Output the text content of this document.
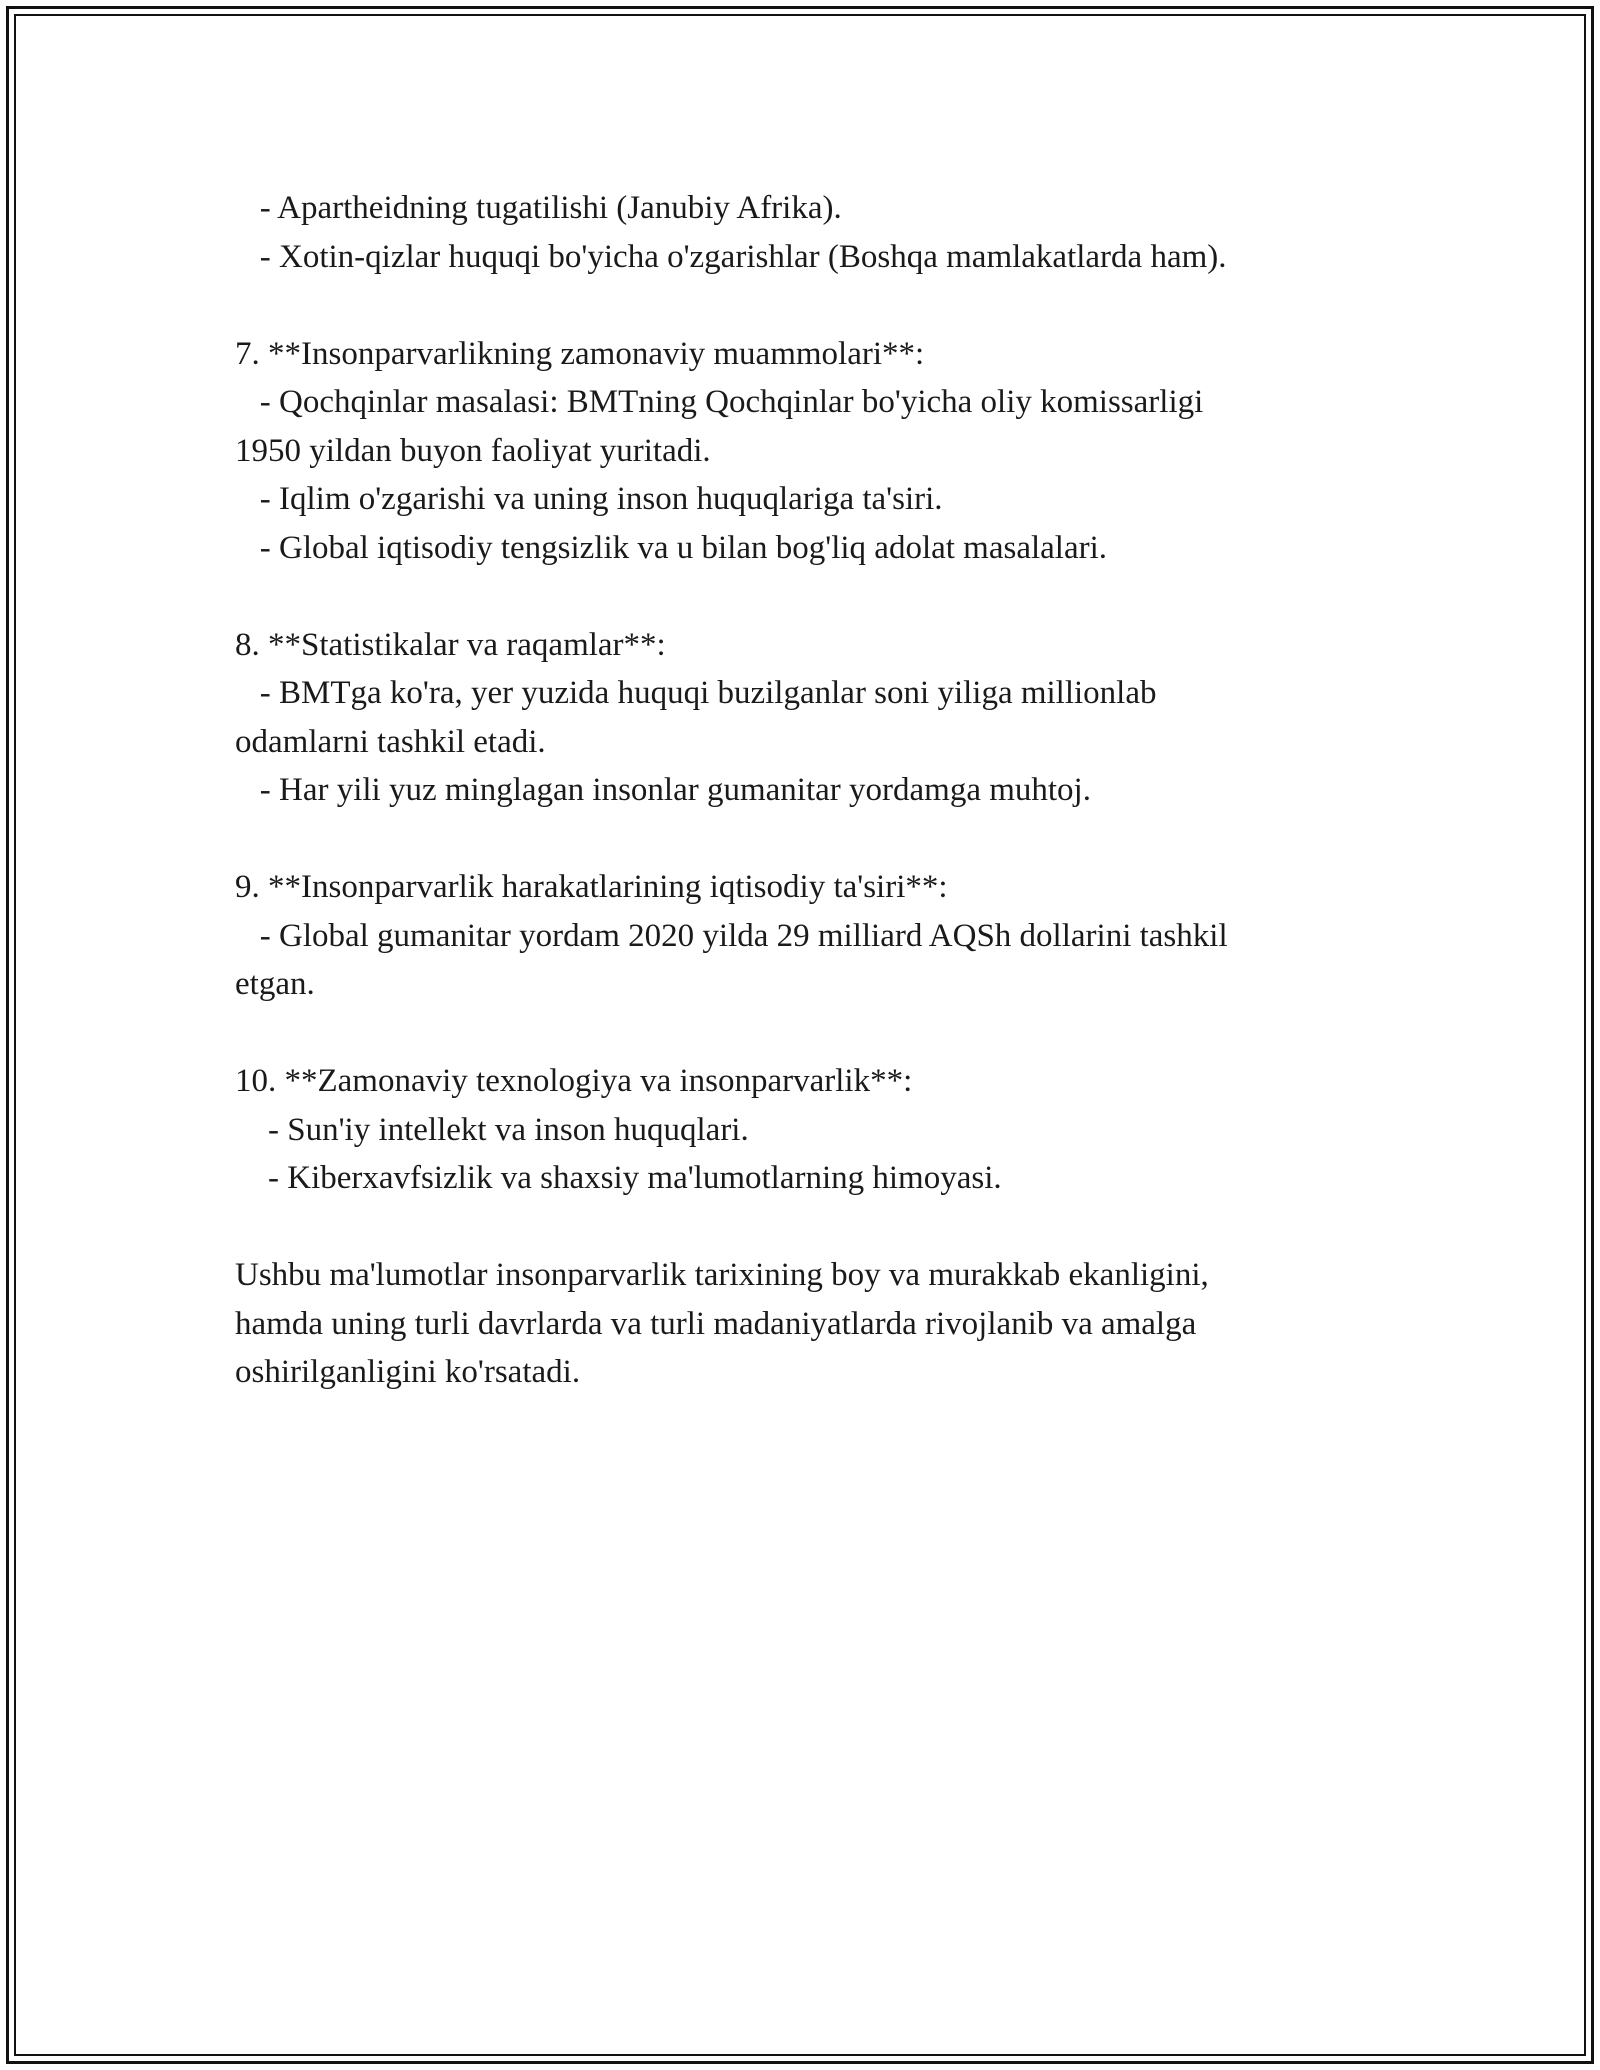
- Apartheidning tugatilishi (Janubiy Afrika).
- Xotin-qizlar huquqi bo'yicha o'zgarishlar (Boshqa mamlakatlarda ham).
7. **Insonparvarlikning zamonaviy muammolari**:
- Qochqinlar masalasi: BMTning Qochqinlar bo'yicha oliy komissarligi
1950 yildan buyon faoliyat yuritadi.
- Iqlim o'zgarishi va uning inson huquqlariga ta'siri.
- Global iqtisodiy tengsizlik va u bilan bog'liq adolat masalalari.
8. **Statistikalar va raqamlar**:
- BMTga ko'ra, yer yuzida huquqi buzilganlar soni yiliga millionlab
odamlarni tashkil etadi.
- Har yili yuz minglagan insonlar gumanitar yordamga muhtoj.
9. **Insonparvarlik harakatlarining iqtisodiy ta'siri**:
- Global gumanitar yordam 2020 yilda 29 milliard AQSh dollarini tashkil
etgan.
10. **Zamonaviy texnologiya va insonparvarlik**:
- Sun'iy intellekt va inson huquqlari.
- Kiberxavfsizlik va shaxsiy ma'lumotlarning himoyasi.
Ushbu ma'lumotlar insonparvarlik tarixining boy va murakkab ekanligini,
hamda uning turli davrlarda va turli madaniyatlarda rivojlanib va amalga
oshirilganligini ko'rsatadi.
